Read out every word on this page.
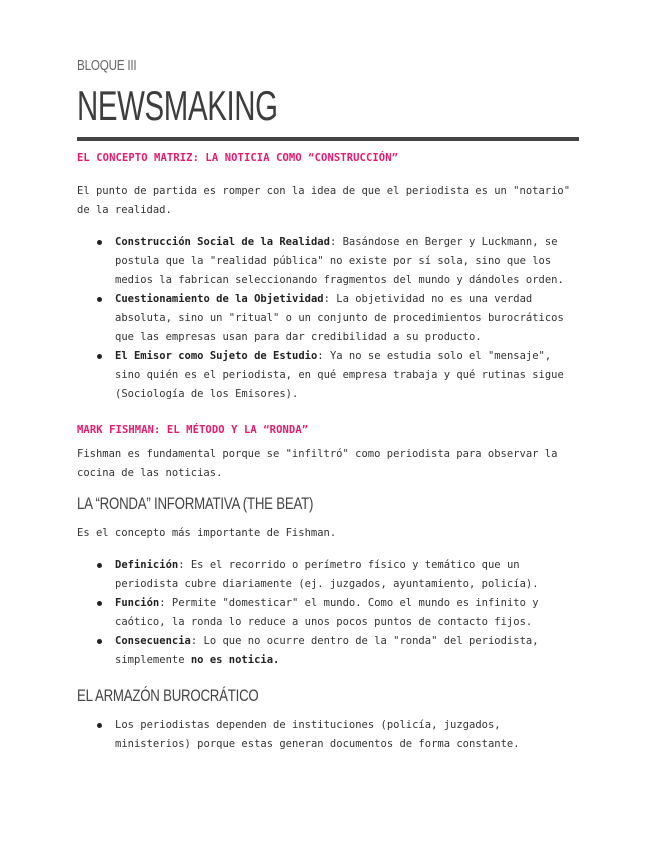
BLOQUE III
NEWSMAKING
EL CONCEPTO MATRIZ: LA NOTICIA COMO “CONSTRUCCIÓN”

El punto de partida es romper con la idea de que el periodista es un "notario" de la realidad.

Construcción Social de la Realidad: Basándose en Berger y Luckmann, se postula que la "realidad pública" no existe por sí sola, sino que los medios la fabrican seleccionando fragmentos del mundo y dándoles orden.
Cuestionamiento de la Objetividad: La objetividad no es una verdad absoluta, sino un "ritual" o un conjunto de procedimientos burocráticos que las empresas usan para dar credibilidad a su producto.
El Emisor como Sujeto de Estudio: Ya no se estudia solo el "mensaje", sino quién es el periodista, en qué empresa trabaja y qué rutinas sigue (Sociología de los Emisores).
MARK FISHMAN: EL MÉTODO Y LA “RONDA”

Fishman es fundamental porque se "infiltró" como periodista para observar la cocina de las noticias.

LA “RONDA” INFORMATIVA (THE BEAT)

Es el concepto más importante de Fishman.

Definición: Es el recorrido o perímetro físico y temático que un periodista cubre diariamente (ej. juzgados, ayuntamiento, policía).
Función: Permite "domesticar" el mundo. Como el mundo es infinito y caótico, la ronda lo reduce a unos pocos puntos de contacto fijos.
Consecuencia: Lo que no ocurre dentro de la "ronda" del periodista, simplemente no es noticia.
EL ARMAZÓN BUROCRÁTICO
Los periodistas dependen de instituciones (policía, juzgados, ministerios) porque estas generan documentos de forma constante.
